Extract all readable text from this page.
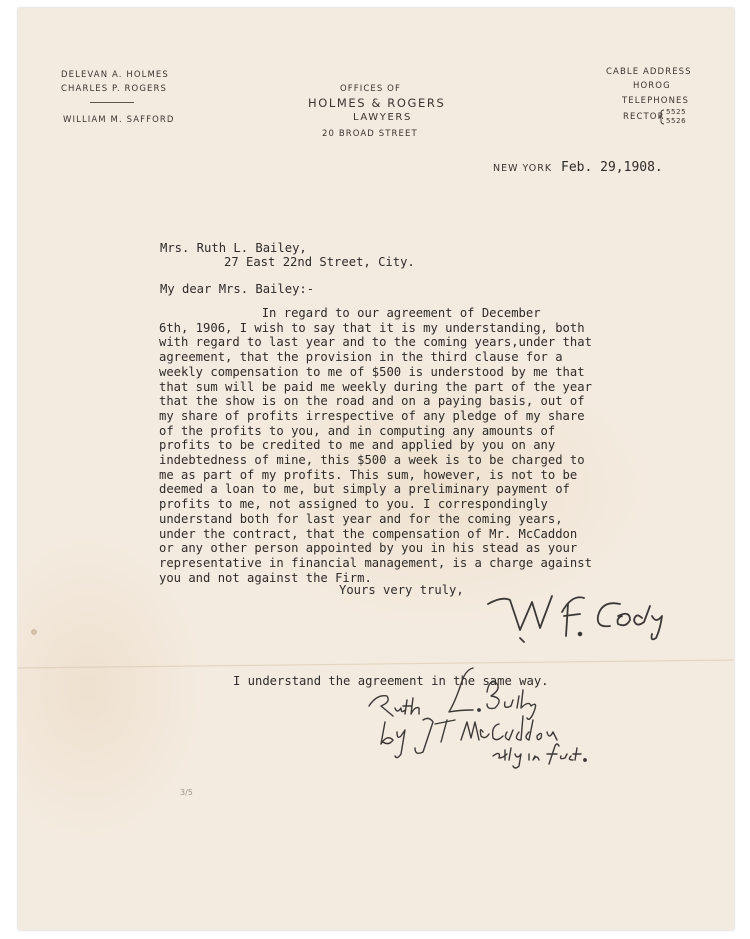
DELEVAN A. HOLMES
CHARLES P. ROGERS
WILLIAM M. SAFFORD
OFFICES OF
HOLMES & ROGERS
LAWYERS
20 BROAD STREET
CABLE ADDRESS
HOROG
TELEPHONES
RECTOR 5525
5526
NEW YORK Feb. 29,1908.
Mrs. Ruth L. Bailey,
27 East 22nd Street, City.
My dear Mrs. Bailey:-
In regard to our agreement of December
6th, 1906, I wish to say that it is my understanding, both
with regard to last year and to the coming years,under that
agreement, that the provision in the third clause for a
weekly compensation to me of $500 is understood by me that
that sum will be paid me weekly during the part of the year
that the show is on the road and on a paying basis, out of
my share of profits irrespective of any pledge of my share
of the profits to you, and in computing any amounts of
profits to be credited to me and applied by you on any
indebtedness of mine, this $500 a week is to be charged to
me as part of my profits. This sum, however, is not to be
deemed a loan to me, but simply a preliminary payment of
profits to me, not assigned to you. I correspondingly
understand both for last year and for the coming years,
under the contract, that the compensation of Mr. McCaddon
or any other person appointed by you in his stead as your
representative in financial management, is a charge against
you and not against the Firm.
Yours very truly,
I understand the agreement in the same way.
3/5
